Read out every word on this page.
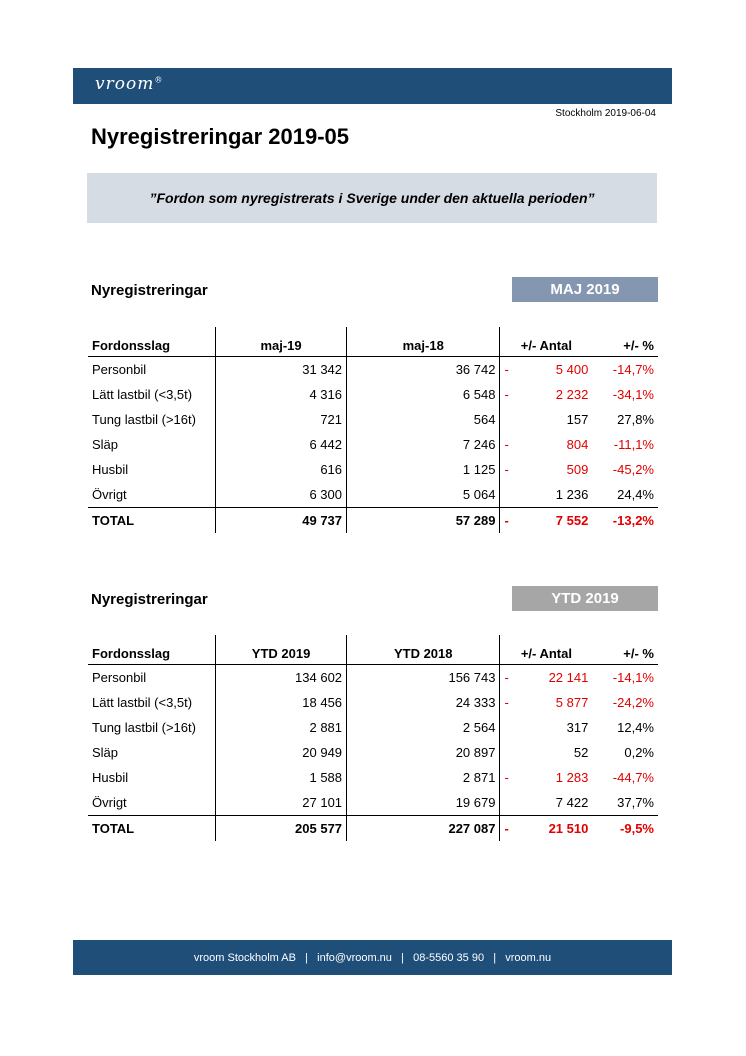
vroom®
Stockholm 2019-06-04
Nyregistreringar 2019-05
”Fordon som nyregistrerats i Sverige under den aktuella perioden”
Nyregistreringar	MAJ 2019
Fordonsslag	maj-19	maj-18	+/- Antal	+/- %
Personbil	31 342	36 742	- 5 400	-14,7%
Lätt lastbil (<3,5t)	4 316	6 548	- 2 232	-34,1%
Tung lastbil (>16t)	721	564	157	27,8%
Släp	6 442	7 246	- 804	-11,1%
Husbil	616	1 125	- 509	-45,2%
Övrigt	6 300	5 064	1 236	24,4%
TOTAL	49 737	57 289	- 7 552	-13,2%
Nyregistreringar	YTD 2019
Fordonsslag	YTD 2019	YTD 2018	+/- Antal	+/- %
Personbil	134 602	156 743	- 22 141	-14,1%
Lätt lastbil (<3,5t)	18 456	24 333	- 5 877	-24,2%
Tung lastbil (>16t)	2 881	2 564	317	12,4%
Släp	20 949	20 897	52	0,2%
Husbil	1 588	2 871	- 1 283	-44,7%
Övrigt	27 101	19 679	7 422	37,7%
TOTAL	205 577	227 087	- 21 510	-9,5%
vroom Stockholm AB   |   info@vroom.nu   |   08-5560 35 90   |   vroom.nu
